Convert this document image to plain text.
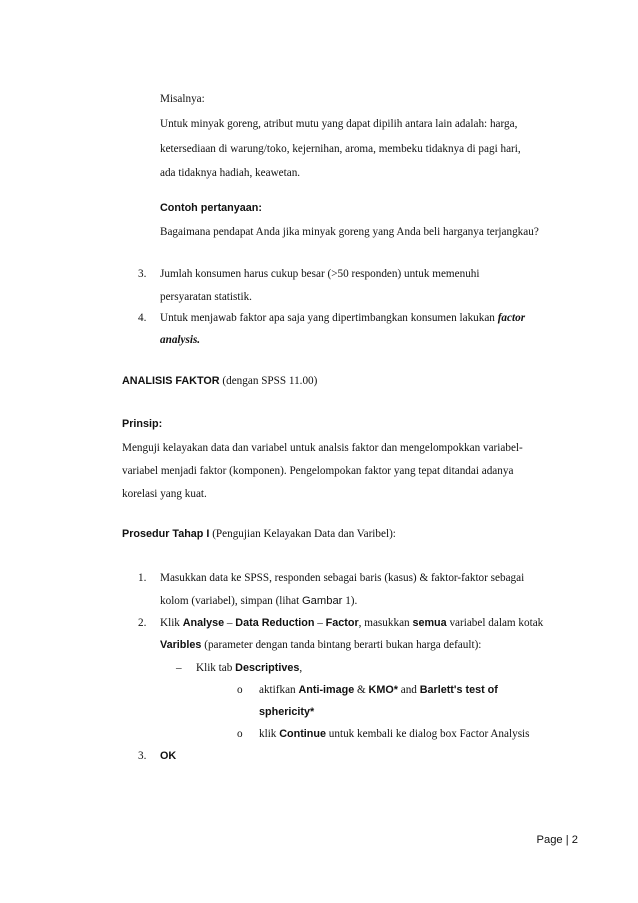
Misalnya:
Untuk minyak goreng, atribut mutu yang dapat dipilih antara lain adalah: harga,
ketersediaan di warung/toko, kejernihan, aroma, membeku tidaknya di pagi hari,
ada tidaknya hadiah, keawetan.
Contoh pertanyaan:
Bagaimana pendapat Anda jika minyak goreng yang Anda beli harganya terjangkau?
3. Jumlah konsumen harus cukup besar (>50 responden) untuk memenuhi
persyaratan statistik.
4. Untuk menjawab faktor apa saja yang dipertimbangkan konsumen lakukan factor
analysis.
ANALISIS FAKTOR (dengan SPSS 11.00)
Prinsip:
Menguji kelayakan data dan variabel untuk analsis faktor dan mengelompokkan variabel-
variabel menjadi faktor (komponen). Pengelompokan faktor yang tepat ditandai adanya
korelasi yang kuat.
Prosedur Tahap I (Pengujian Kelayakan Data dan Varibel):
1. Masukkan data ke SPSS, responden sebagai baris (kasus) & faktor-faktor sebagai
kolom (variabel), simpan (lihat Gambar 1).
2. Klik Analyse – Data Reduction – Factor, masukkan semua variabel dalam kotak
Varibles (parameter dengan tanda bintang berarti bukan harga default):
– Klik tab Descriptives,
o aktifkan Anti-image & KMO* and Barlett's test of
sphericity*
o klik Continue untuk kembali ke dialog box Factor Analysis
3. OK
Page | 2
